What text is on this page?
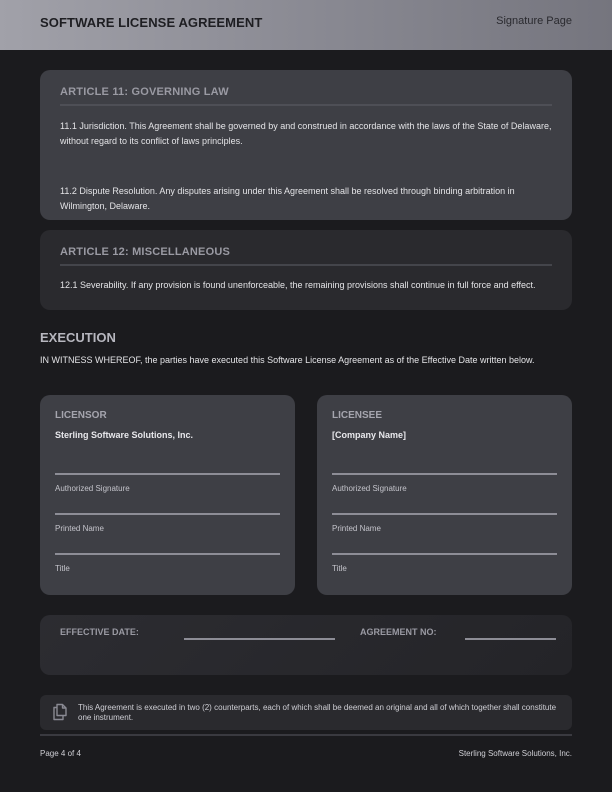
SOFTWARE LICENSE AGREEMENT	Signature Page
ARTICLE 11: GOVERNING LAW
11.1 Jurisdiction. This Agreement shall be governed by and construed in accordance with the laws of the State of Delaware, without regard to its conflict of laws principles.
11.2 Dispute Resolution. Any disputes arising under this Agreement shall be resolved through binding arbitration in Wilmington, Delaware.
ARTICLE 12: MISCELLANEOUS
12.1 Severability. If any provision is found unenforceable, the remaining provisions shall continue in full force and effect.
EXECUTION
IN WITNESS WHEREOF, the parties have executed this Software License Agreement as of the Effective Date written below.
LICENSOR
Sterling Software Solutions, Inc.
Authorized Signature
Printed Name
Title
LICENSEE
[Company Name]
Authorized Signature
Printed Name
Title
EFFECTIVE DATE:	AGREEMENT NO:
This Agreement is executed in two (2) counterparts, each of which shall be deemed an original and all of which together shall constitute one instrument.
Page 4 of 4	Sterling Software Solutions, Inc.
